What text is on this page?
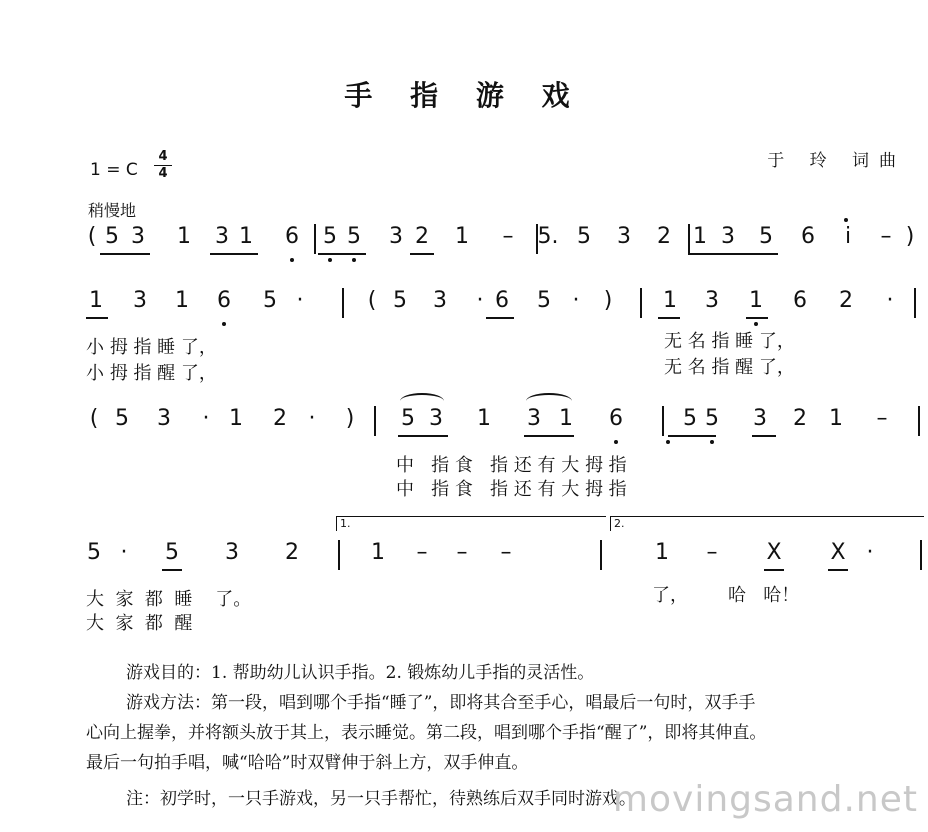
手 指 游 戏
于 玲 词曲
1 = C
4
4
稍慢地
( 5 3 1 3 1 6 5 5 3 2 1 – 5. 5 3 2 1 3 5 6	i	– )
1 3 1 6 5 ·	( 5 3	· 6 5 ·	)	1 3 1 6 2	·
小 拇 指 睡 了，
小 拇 指 醒 了，
无 名 指 睡 了，
无 名 指 醒 了，
( 5 3	· 1 2 ·	)	5 3 1 3 1 6	5 5 3 2 1 –
中   指 食   指 还 有 大 拇 指
中   指 食   指 还 有 大 拇 指
1.	2.
5 ·	5 3 2	1 – – –	1 – X X ·
大  家  都  睡    了。
大  家  都  醒
了，       哈   哈！
游戏目的：1. 帮助幼儿认识手指。2. 锻炼幼儿手指的灵活性。
游戏方法：第一段，唱到哪个手指“睡了”，即将其合至手心，唱最后一句时，双手手
心向上握拳，并将额头放于其上，表示睡觉。第二段，唱到哪个手指“醒了”，即将其伸直。
最后一句拍手唱，喊“哈哈”时双臂伸于斜上方，双手伸直。
注：初学时，一只手游戏，另一只手帮忙，待熟练后双手同时游戏。
movingsand.net
